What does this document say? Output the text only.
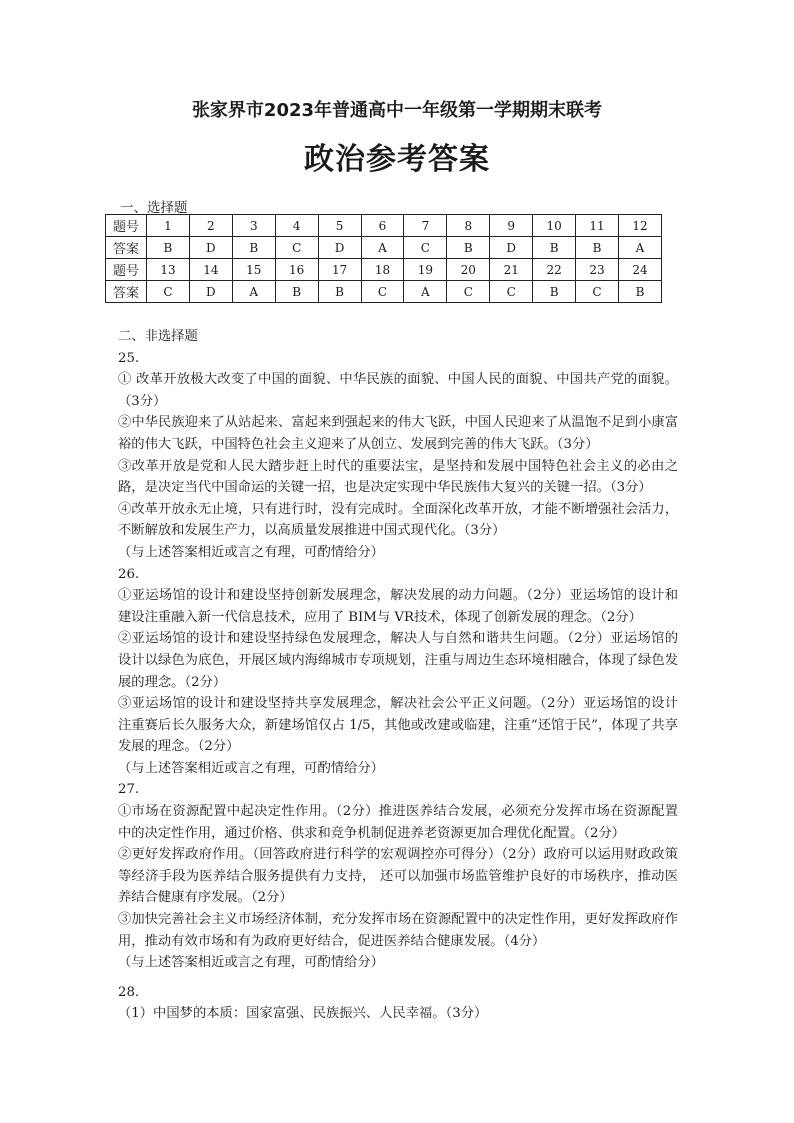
张家界市2023年普通高中一年级第一学期期末联考
政治参考答案
一、选择题
题号	1	2	3	4	5	6	7	8	9	10	11	12
答案	B	D	B	C	D	A	C	B	D	B	B	A
题号	13	14	15	16	17	18	19	20	21	22	23	24
答案	C	D	A	B	B	C	A	C	C	B	C	B

二、非选择题

25.

① 改革开放极大改变了中国的面貌、中华民族的面貌、中国人民的面貌、中国共产党的面貌。（3分）

②中华民族迎来了从站起来、富起来到强起来的伟大飞跃，中国人民迎来了从温饱不足到小康富裕的伟大飞跃，中国特色社会主义迎来了从创立、发展到完善的伟大飞跃。（3分）

③改革开放是党和人民大踏步赶上时代的重要法宝，是坚持和发展中国特色社会主义的必由之路，是决定当代中国命运的关键一招，也是决定实现中华民族伟大复兴的关键一招。（3分）

④改革开放永无止境，只有进行时，没有完成时。全面深化改革开放，才能不断增强社会活力，不断解放和发展生产力，以高质量发展推进中国式现代化。（3分）

（与上述答案相近或言之有理，可酌情给分）

26.

①亚运场馆的设计和建设坚持创新发展理念，解决发展的动力问题。（2分）亚运场馆的设计和建设注重融入新一代信息技术，应用了 BIM与 VR技术，体现了创新发展的理念。（2分）

②亚运场馆的设计和建设坚持绿色发展理念，解决人与自然和谐共生问题。（2分）亚运场馆的设计以绿色为底色，开展区域内海绵城市专项规划，注重与周边生态环境相融合，体现了绿色发展的理念。（2分）

③亚运场馆的设计和建设坚持共享发展理念，解决社会公平正义问题。（2分）亚运场馆的设计注重赛后长久服务大众，新建场馆仅占 1/5，其他或改建或临建，注重“还馆于民”，体现了共享发展的理念。（2分）

（与上述答案相近或言之有理，可酌情给分）

27.

①市场在资源配置中起决定性作用。（2分）推进医养结合发展，必须充分发挥市场在资源配置中的决定性作用，通过价格、供求和竞争机制促进养老资源更加合理优化配置。（2分）

②更好发挥政府作用。（回答政府进行科学的宏观调控亦可得分）（2分）政府可以运用财政政策等经济手段为医养结合服务提供有力支持， 还可以加强市场监管维护良好的市场秩序，推动医养结合健康有序发展。（2分）

③加快完善社会主义市场经济体制，充分发挥市场在资源配置中的决定性作用，更好发挥政府作用，推动有效市场和有为政府更好结合，促进医养结合健康发展。（4分）

（与上述答案相近或言之有理，可酌情给分）

28.

（1）中国梦的本质：国家富强、民族振兴、人民幸福。（3分）
